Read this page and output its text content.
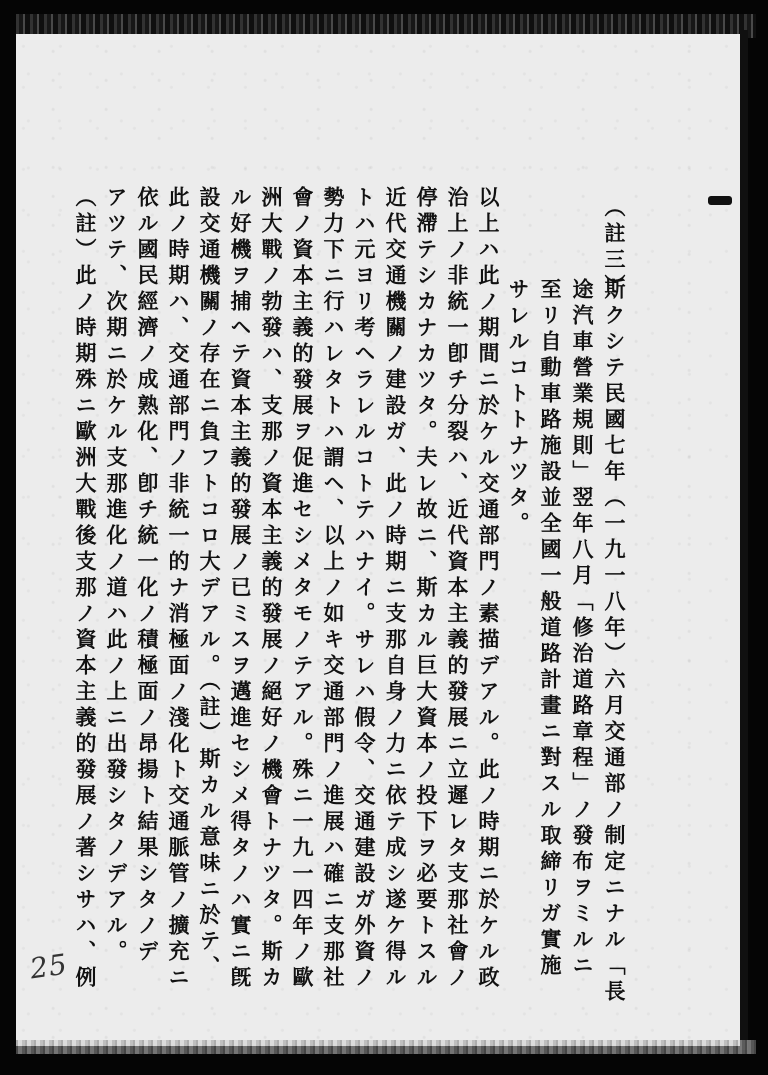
（註三）
斯クシテ民國七年（一九一八年）六月交通部ノ制定ニナル「長
途汽車營業規則」翌年八月「修治道路章程」ノ發布ヲミルニ
至リ自動車路施設並全國一般道路計畫ニ對スル取締リガ實施
サレルコトトナツタ。
以上ハ此ノ期間ニ於ケル交通部門ノ素描デアル。此ノ時期ニ於ケル政
治上ノ非統一卽チ分裂ハ、近代資本主義的發展ニ立遲レタ支那社會ノ
停滯テシカナカツタ。夫レ故ニ、斯カル巨大資本ノ投下ヲ必要トスル
近代交通機關ノ建設ガ、此ノ時期ニ支那自身ノ力ニ依テ成シ遂ケ得ル
トハ元ヨリ考ヘラレルコトテハナイ。サレハ假令、交通建設ガ外資ノ
勢力下ニ行ハレタトハ謂ヘ、以上ノ如キ交通部門ノ進展ハ確ニ支那社
會ノ資本主義的發展ヲ促進セシメタモノテアル。殊ニ一九一四年ノ歐
洲大戰ノ勃發ハ、支那ノ資本主義的發展ノ絕好ノ機會トナツタ。斯カ
ル好機ヲ捕ヘテ資本主義的發展ノ已ミスヲ邁進セシメ得タノハ實ニ旣
設交通機關ノ存在ニ負フトコロ大デアル。（註）斯カル意味ニ於テ、
此ノ時期ハ、交通部門ノ非統一的ナ消極面ノ淺化ト交通脈管ノ擴充ニ
依ル國民經濟ノ成熟化、卽チ統一化ノ積極面ノ昂揚ト結果シタノデ
アツテ、次期ニ於ケル支那進化ノ道ハ此ノ上ニ出發シタノデアル。
（註）此ノ時期殊ニ歐洲大戰後支那ノ資本主義的發展ノ著シサハ、例
25
